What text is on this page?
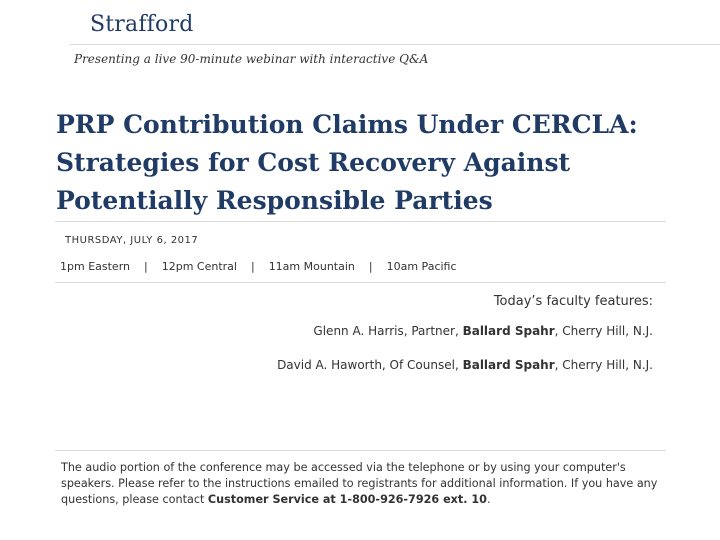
Strafford
Presenting a live 90-minute webinar with interactive Q&A
PRP Contribution Claims Under CERCLA:
Strategies for Cost Recovery Against
Potentially Responsible Parties
THURSDAY, JULY 6, 2017
1pm Eastern | 12pm Central | 11am Mountain | 10am Pacific
Today’s faculty features:
Glenn A. Harris, Partner, Ballard Spahr, Cherry Hill, N.J.
David A. Haworth, Of Counsel, Ballard Spahr, Cherry Hill, N.J.
The audio portion of the conference may be accessed via the telephone or by using your computer's speakers. Please refer to the instructions emailed to registrants for additional information. If you have any questions, please contact Customer Service at 1-800-926-7926 ext. 10.
